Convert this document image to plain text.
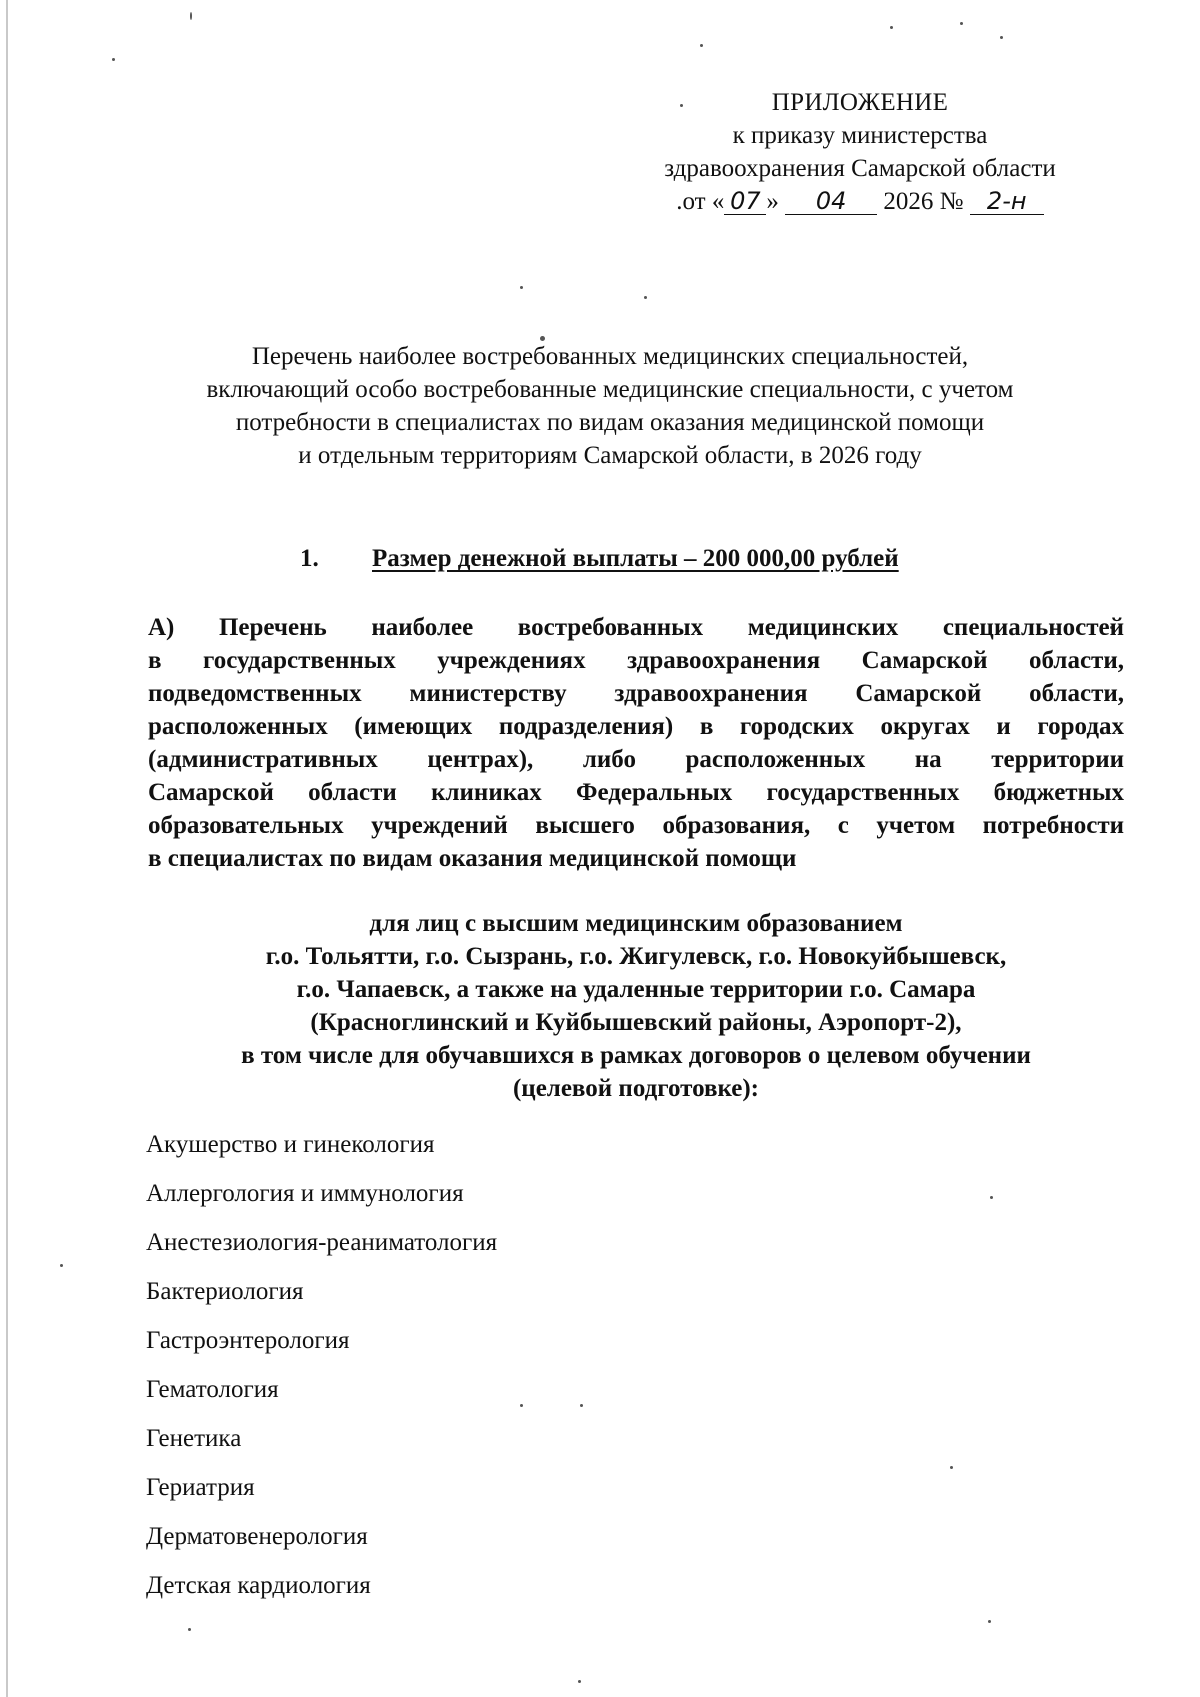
ПРИЛОЖЕНИЕ
к приказу министерства
здравоохранения Самарской области
.от « 07 » 04 2026 № 2-н
Перечень наиболее востребованных медицинских специальностей,
включающий особо востребованные медицинские специальности, с учетом
потребности в специалистах по видам оказания медицинской помощи
и отдельным территориям Самарской области, в 2026 году
1. Размер денежной выплаты – 200 000,00 рублей
А) Перечень наиболее востребованных медицинских специальностей
в государственных учреждениях здравоохранения Самарской области,
подведомственных министерству здравоохранения Самарской области,
расположенных (имеющих подразделения) в городских округах и городах
(административных центрах), либо расположенных на территории
Самарской области клиниках Федеральных государственных бюджетных
образовательных учреждений высшего образования, с учетом потребности
в специалистах по видам оказания медицинской помощи
для лиц с высшим медицинским образованием
г.о. Тольятти, г.о. Сызрань, г.о. Жигулевск, г.о. Новокуйбышевск,
г.о. Чапаевск, а также на удаленные территории г.о. Самара
(Красноглинский и Куйбышевский районы, Аэропорт-2),
в том числе для обучавшихся в рамках договоров о целевом обучении
(целевой подготовке):
Акушерство и гинекология
Аллергология и иммунология
Анестезиология-реаниматология
Бактериология
Гастроэнтерология
Гематология
Генетика
Гериатрия
Дерматовенерология
Детская кардиология
